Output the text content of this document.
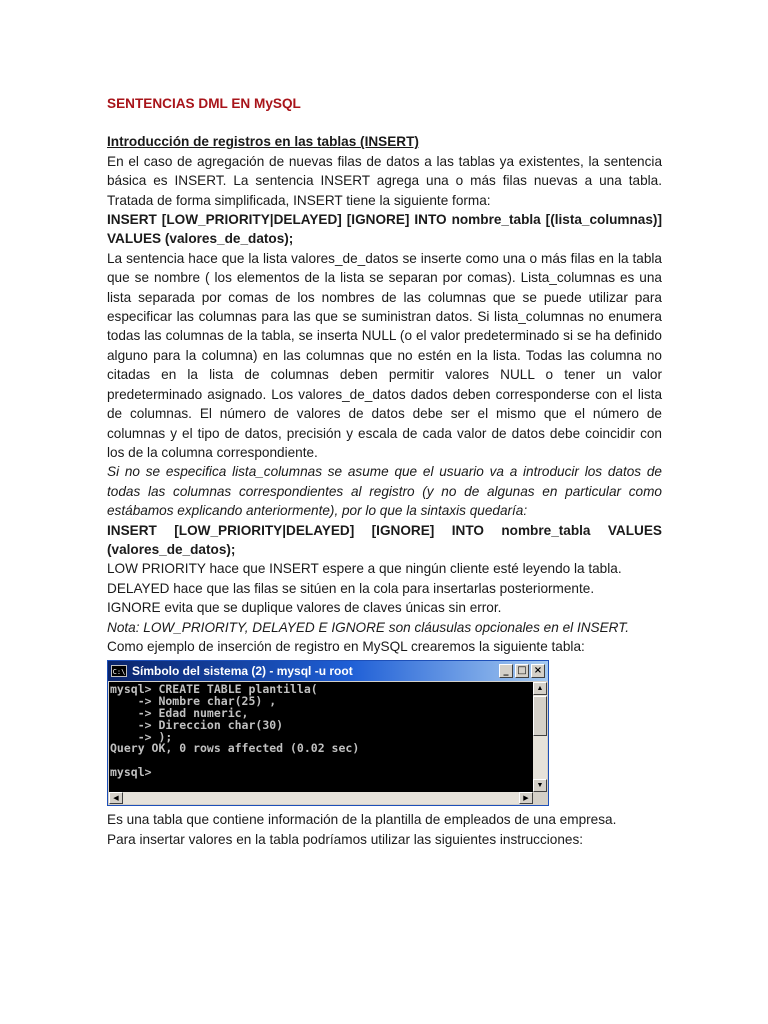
SENTENCIAS DML EN MySQL
Introducción de registros en las tablas (INSERT)

En el caso de agregación de nuevas filas de datos a las tablas ya existentes, la sentencia básica es INSERT. La sentencia INSERT agrega una o más filas nuevas a una tabla. Tratada de forma simplificada, INSERT tiene la siguiente forma:

INSERT [LOW_PRIORITY|DELAYED] [IGNORE] INTO nombre_tabla [(lista_columnas)] VALUES (valores_de_datos);

La sentencia hace que la lista valores_de_datos se inserte como una o más filas en la tabla que se nombre ( los elementos de la lista se separan por comas). Lista_columnas es una lista separada por comas de los nombres de las columnas que se puede utilizar para especificar las columnas para las que se suministran datos. Si lista_columnas no enumera todas las columnas de la tabla, se inserta NULL (o el valor predeterminado si se ha definido alguno para la columna) en las columnas que no estén en la lista. Todas las columna no citadas en la lista de columnas deben permitir valores NULL o tener un valor predeterminado asignado. Los valores_de_datos dados deben corresponderse con el lista de columnas. El número de valores de datos debe ser el mismo que el número de columnas y el tipo de datos, precisión y escala de cada valor de datos debe coincidir con los de la columna correspondiente.

Si no se especifica lista_columnas se asume que el usuario va a introducir los datos de todas las columnas correspondientes al registro (y no de algunas en particular como estábamos explicando anteriormente), por lo que la sintaxis quedaría:

INSERT [LOW_PRIORITY|DELAYED] [IGNORE] INTO nombre_tabla VALUES

(valores_de_datos);

LOW PRIORITY hace que INSERT espere a que ningún cliente esté leyendo la tabla.

DELAYED hace que las filas se sitúen en la cola para insertarlas posteriormente.

IGNORE evita que se duplique valores de claves únicas sin error.

Nota: LOW_PRIORITY, DELAYED E IGNORE son cláusulas opcionales en el INSERT.

Como ejemplo de inserción de registro en MySQL crearemos la siguiente tabla:

C:\ Símbolo del sistema (2) - mysql -u root	_ □ ×
mysql> CREATE TABLE plantilla(
-> Nombre char(25) ,
-> Edad numeric,
-> Direccion char(30)
-> );
Query OK, 0 rows affected (0.02 sec)

mysql>
▲
▼
◀	▶

Es una tabla que contiene información de la plantilla de empleados de una empresa.

Para insertar valores en la tabla podríamos utilizar las siguientes instrucciones:
